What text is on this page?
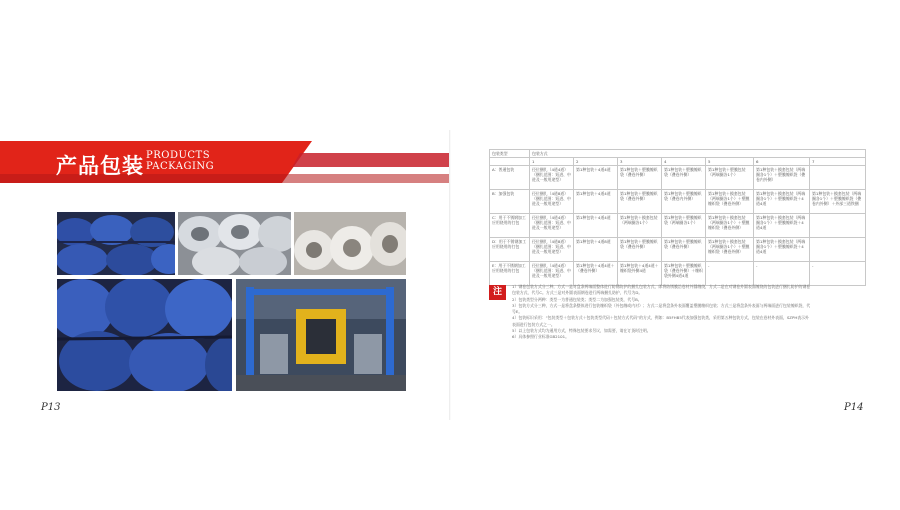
产品包装 PRODUCTS
PACKAGING
P13
包装类型	包装方式						
	1	2	3	4	5	6	7
A：普通包装	径位捆扎（4道4道）（捆扎范围：短进、中进及一般用途型）	第1种包装＋4道4道	第1种包装＋塑膜缠织袋（叠卷外侧）	第1种包装＋塑膜缠织袋（叠卷外侧）	第1种包装＋塑膜包装（两端圈各1个）	第1种包装＋摸套包装（两端圈各1个）＋塑膜缠织袋（叠卷内外侧）	
B：加强包装	径位捆扎（4道8道）（捆扎范围：短进、中进及一般用途型）	第1种包装＋4道4道	第1种包装＋塑膜缠织袋（叠卷外侧）	第1种包装＋塑膜缠织袋（叠卷内外侧）	第1种包装＋摸套包装（两端圈各1个）＋塑膜缠织袋（叠卷外侧）	第1种包装＋摸套包装（两端圈各1个）＋塑膜缠织袋＋4道4道	第1种包装＋摸套包装（两端圈各1个）＋塑膜缠织袋（叠卷内外侧）＋外部三道铁捆
C：用于不锈钢加工应用绕用的打包	径位捆扎（4道4道）（捆扎范围：短进、中进及一般用途型）	第1种包装＋4道4道	第1种包装＋摸套包装（两端圈各1个）	第1种包装＋塑膜缠织袋（两端圈各1个）	第1种包装＋摸套包装（两端圈各1个）＋塑膜缠织袋（叠卷外侧）	第1种包装＋摸套包装（两端圈各1个）＋塑膜缠织袋＋4道4道	
D：用于不锈钢加工应用绕用的打包	径位捆扎（4道8道）（捆扎范围：短进、中进及一般用途型）	第1种包装＋4道8道	第1种包装＋塑膜缠织袋（叠卷外侧）	第1种包装＋塑膜缠织袋（叠卷外侧）	第1种包装＋摸套包装（两端圈各1个）＋塑膜缠织袋（叠卷外侧）	第1种包装＋摸套包装（两端圈各1个）＋塑膜缠织袋＋4道4道	
E：用于不锈钢加工应用绕用的打包	径位捆扎（4道4道）（捆扎范围：短进、中进及一般用途型）	第1种包装＋4道4道＋（叠卷外侧）	第1种包装＋4道4道＋缠织袋外侧4道	第1种包装＋塑膜缠织袋（叠卷外侧）＋缠织袋外侧4道4道	-	-	-
注

1）钢卷包装方式分三种，方式一是对盘条两端面整体进行防锈防护的捆扎包装方式，即将防锈膜沿卷材外圆缠绕，方式二是在对钢卷外圆表面缠绕的包装进行捆扎防护的钢卷包装方式，代号C。方式三是对外圆表面钢卷进行两端捆扎防护，代号为D。

2）包装类型分两种：类型一为普通包装类；类型二为加强包装类，代号B。

3）包装方式分三种，方式一是将盘条整体进行包装缠织袋（外包缠或内衬）；方式二是将盘条外表面覆盖塑膜缠织包装；方式三是将盘条外表面与两端面进行包装缠织袋，代号E。

4）包装标识采用：“包装类型＋包装方式＋包装类型代码＋包装方式代码”的方式，例如：B5FHB5代表加强包装类，采用第五种包装方式，包装在卷材外表面，SZPH表示外表面进行包装方式之一。

5）以上包装方式均为通用方式，特殊包装要求另议，如需要，请在订货时注明。

6）具体参照行业标准GB2101。

P14
